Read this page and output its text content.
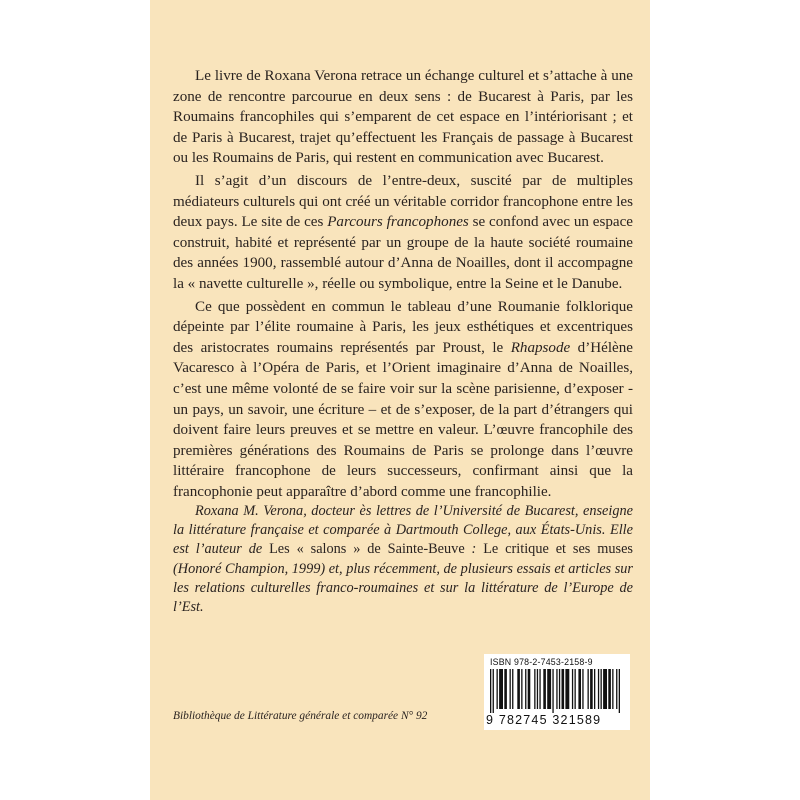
Le livre de Roxana Verona retrace un échange culturel et s’attache à une zone de rencontre parcourue en deux sens : de Bucarest à Paris, par les Roumains francophiles qui s’emparent de cet espace en l’intériorisant ; et de Paris à Bucarest, trajet qu’effectuent les Français de passage à Bucarest ou les Roumains de Paris, qui restent en communication avec Bucarest.

Il s’agit d’un discours de l’entre-deux, suscité par de multiples médiateurs culturels qui ont créé un véritable corridor francophone entre les deux pays. Le site de ces Parcours francophones se confond avec un espace construit, habité et représenté par un groupe de la haute société roumaine des années 1900, rassemblé autour d’Anna de Noailles, dont il accompagne la « navette culturelle », réelle ou symbolique, entre la Seine et le Danube.

Ce que possèdent en commun le tableau d’une Roumanie folklorique dépeinte par l’élite roumaine à Paris, les jeux esthétiques et excentriques des aristocrates roumains représentés par Proust, le Rhapsode d’Hélène Vacaresco à l’Opéra de Paris, et l’Orient imaginaire d’Anna de Noailles, c’est une même volonté de se faire voir sur la scène parisienne, d’exposer - un pays, un savoir, une écriture – et de s’exposer, de la part d’étrangers qui doivent faire leurs preuves et se mettre en valeur. L’œuvre francophile des premières générations des Roumains de Paris se prolonge dans l’œuvre littéraire francophone de leurs successeurs, confirmant ainsi que la francophonie peut apparaître d’abord comme une francophilie.

Roxana M. Verona, docteur ès lettres de l’Université de Bucarest, enseigne la littérature française et comparée à Dartmouth College, aux États-Unis. Elle est l’auteur de Les « salons » de Sainte-Beuve : Le critique et ses muses (Honoré Champion, 1999) et, plus récemment, de plusieurs essais et articles sur les relations culturelles franco-roumaines et sur la littérature de l’Europe de l’Est.
Bibliothèque de Littérature générale et comparée N° 92
ISBN 978-2-7453-2158-9
9 782745 321589
